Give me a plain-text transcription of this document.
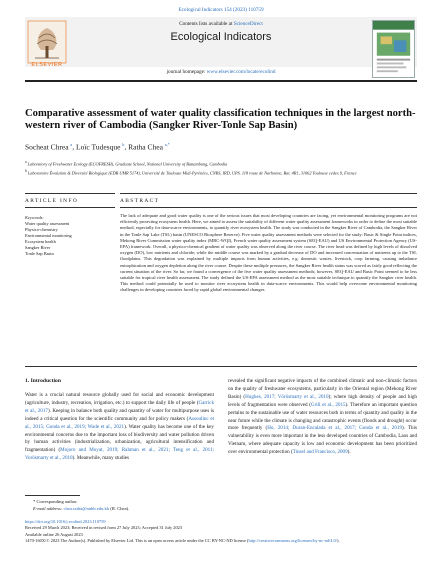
Ecological Indicators 154 (2023) 110759
ELSEVIER
Contents lists available at ScienceDirect
Ecological Indicators
journal homepage: www.elsevier.com/locate/ecolind
Comparative assessment of water quality classification techniques in the largest north-western river of Cambodia (Sangker River-Tonle Sap Basin)
Socheat Chrea $^a$, Loïc Tudesque $^b$, Ratha Chea $^{a,*}$
$^a$ Laboratory of Freshwater Ecology (ECOFRESH), Graduate School, National University of Battambang, Cambodia
$^b$ Laboratoire Évolution & Diversité Biologique (EDB UMR 5174), Université de Toulouse Midi-Pyrénées, CNRS, IRD, UPS. 118 route de Narbonne, Bat. 4R1, 31062 Toulouse cedex 9, France
ARTICLE INFO	ABSTRACT
Keywords:
Water quality assessment
Physico-chemistry
Environmental monitoring
Ecosystem health
Sangker River
Tonle Sap Basin

The lack of adequate and good water quality is one of the serious issues that most developing countries are facing, yet environmental monitoring programs are not efficiently protecting ecosystem health. Here, we aimed to assess the suitability of different water quality assessment frameworks in order to define the most suitable method, especially for data-scarce environments, to quantify river ecosystem health. The study was conducted in the Sangker River of Cambodia, the Sangker River in the Tonle Sap Lake (TSL) basin (UNESCO Biosphere Reserve). Five water quality assessment methods were selected for the study: Basic & Single Point indices, Mekong River Commission water quality index (MRC-WQI), French water quality assessment system (SEQ-EAU) and US Environmental Protection Agency (US-EPA) framework. Overall, a physico-chemical gradient of water quality was observed along the river course. The river head was defined by high levels of dissolved oxygen (DO), low nutrients and chloride; while the middle course was marked by a gradual decrease of DO and increased concentration of nutrients up to the TSL floodplains. This degradation was explained by multiple impacts from human activities, e.g. domestic wastes, livestock, crop farming, causing imbalance eutrophication and oxygen depletion along the river course. Despite these multiple pressures, the Sangker River health status was scored as fairly good reflecting the current situation of the river. So far, we found a convergence of the five water quality assessment methods; however, SEQ-EAU and Basic Point seemed to be less suitable for tropical river health assessment. The study defined the US-EPA assessment method as the most suitable technique to quantify the Sangker river health. This method could potentially be used to monitor river ecosystem health in data-scarce environments. This would help overcome environmental monitoring challenges in developing countries faced by rapid global environmental changes.

1. Introduction

Water is a crucial natural resource globally used for social and economic development (agriculture, industry, recreation, irrigation, etc.) to support the daily life of people (Garrick et al., 2017). Keeping in balance both quality and quantity of water for multipurpose uses is indeed a critical question for the scientific community and for policy makers (Assoulinc et al., 2015; Gunda et al., 2019; Wade et al., 2021). Water quality has become one of the key environmental concerns due to the important loss of biodiversity and water pollution driven by human activities (industrialization, urbanization, agricultural intensification and fragmentation) (Mojoro and Moyat, 2019; Rahman et al., 2021; Teng et al., 2011; Vorösmarty et al., 2010). Meanwhile, many studies

revealed the significant negative impacts of the combined climatic and non-climatic factors on the quality of freshwater ecosystems, particularly in the Oriental region (Mekong River Basin) (Hughes, 2017; Vörösmarty et al., 2010); where high density of people and high levels of fragmentation were observed (Grill et al., 2015). Therefore an important question pertains to the sustainable use of water resources both in terms of quantity and quality in the near future while the climate is changing and catastrophic events (floods and drought) occur more frequently (Ho, 2014; Duran-Encalada et al., 2017; Gunda et al., 2019). This vulnerability is even more important in the less developed countries of Cambodia, Laos and Vietnam, where adequate capacity is low and economic development has been prioritized over environmental protection (Tinsel and Francisco, 2009).

* Corresponding author.
E-mail address: chea.ratha@nubb.edu.kh (R. Chea).
https://doi.org/10.1016/j.ecolind.2023.110759
Received 29 March 2023; Received in revised form 27 July 2023; Accepted 31 July 2023
Available online 26 August 2023
1470-160X/© 2023 The Author(s). Published by Elsevier Ltd. This is an open access article under the CC BY-NC-ND license (http://creativecommons.org/licenses/by-nc-nd/4.0/).
